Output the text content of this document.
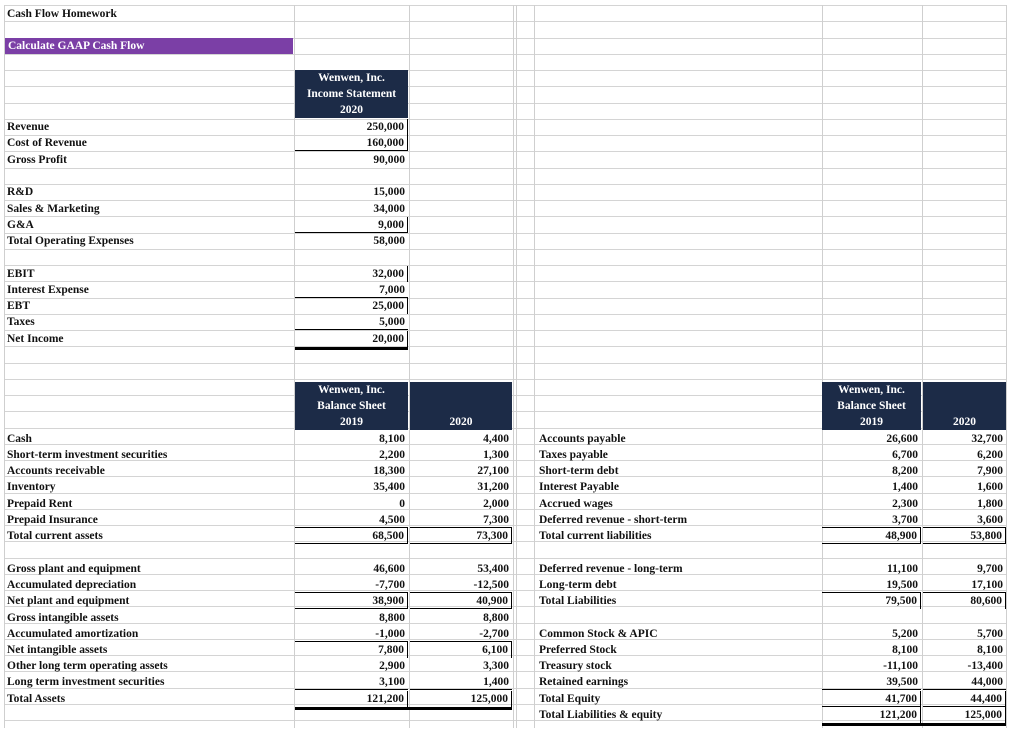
Cash Flow Homework
Calculate GAAP Cash Flow
Wenwen, Inc.
Income Statement
2020
Revenue	250,000
Cost of Revenue	160,000
Gross Profit	90,000
R&D	15,000
Sales & Marketing	34,000
G&A	9,000
Total Operating Expenses	58,000
EBIT	32,000
Interest Expense	7,000
EBT	25,000
Taxes	5,000
Net Income	20,000
Wenwen, Inc.
Balance Sheet
2019	2020
Wenwen, Inc.
Balance Sheet
2019	2020
Cash	8,100	4,400
Short-term investment securities	2,200	1,300
Accounts receivable	18,300	27,100
Inventory	35,400	31,200
Prepaid Rent	0	2,000
Prepaid Insurance	4,500	7,300
Total current assets	68,500	73,300
Gross plant and equipment	46,600	53,400
Accumulated depreciation	-7,700	-12,500
Net plant and equipment	38,900	40,900
Gross intangible assets	8,800	8,800
Accumulated amortization	-1,000	-2,700
Net intangible assets	7,800	6,100
Other long term operating assets	2,900	3,300
Long term investment securities	3,100	1,400
Total Assets	121,200	125,000
Accounts payable	26,600	32,700
Taxes payable	6,700	6,200
Short-term debt	8,200	7,900
Interest Payable	1,400	1,600
Accrued wages	2,300	1,800
Deferred revenue - short-term	3,700	3,600
Total current liabilities	48,900	53,800
Deferred revenue - long-term	11,100	9,700
Long-term debt	19,500	17,100
Total Liabilities	79,500	80,600
Common Stock & APIC	5,200	5,700
Preferred Stock	8,100	8,100
Treasury stock	-11,100	-13,400
Retained earnings	39,500	44,000
Total Equity	41,700	44,400
Total Liabilities & equity	121,200	125,000
